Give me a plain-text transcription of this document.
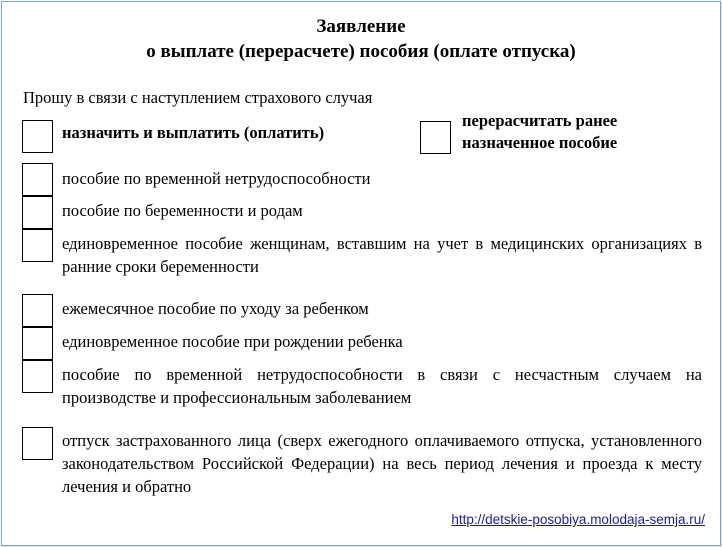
Заявление
о выплате (перерасчете) пособия (оплате отпуска)
Прошу в связи с наступлением страхового случая
назначить и выплатить (оплатить)
перерасчитать ранее
назначенное пособие
пособие по временной нетрудоспособности
пособие по беременности и родам
единовременное пособие женщинам, вставшим на учет в медицинских организациях в ранние сроки беременности
ежемесячное пособие по уходу за ребенком
единовременное пособие при рождении ребенка
пособие по временной нетрудоспособности в связи с несчастным случаем на производстве и профессиональным заболеванием
отпуск застрахованного лица (сверх ежегодного оплачиваемого отпуска, установленного законодательством Российской Федерации) на весь период лечения и проезда к месту лечения и обратно
http://detskie-posobiya.molodaja-semja.ru/
